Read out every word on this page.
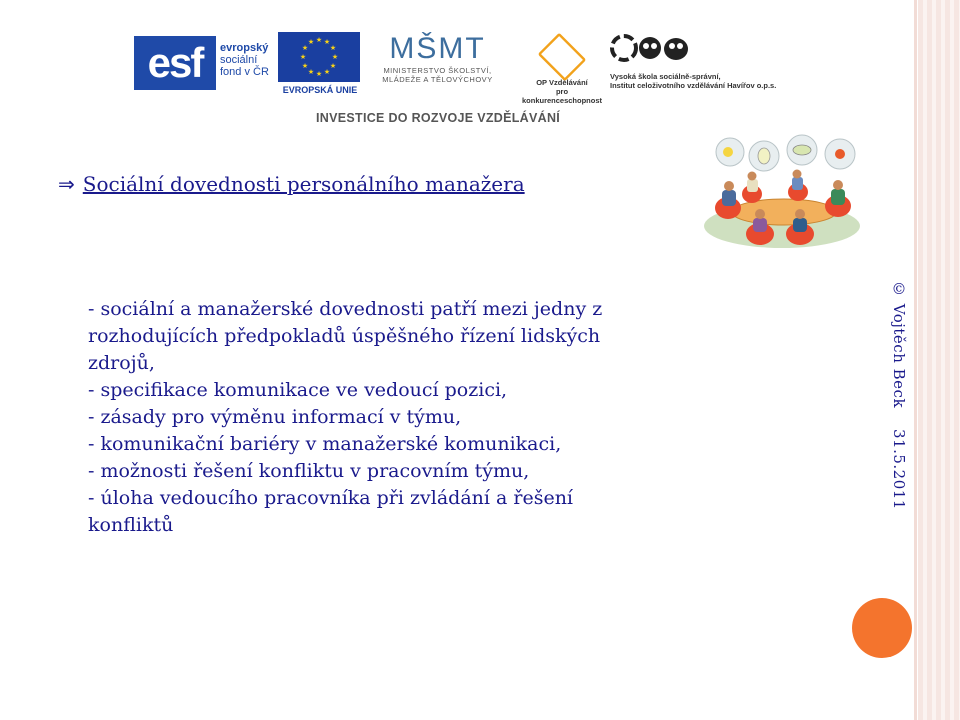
esf	evropský
sociální
fond v ČR
★ ★
★
★
★
★
★
★
★
★
★
★
EVROPSKÁ UNIE
MŠMT
MINISTERSTVO ŠKOLSTVÍ,
MLÁDEŽE A TĚLOVÝCHOVY	OP Vzdělávání
pro konkurenceschopnost
Vysoká škola sociálně-správní,
Institut celoživotního vzdělávání Havířov o.p.s.
INVESTICE DO ROZVOJE VZDĚLÁVÁNÍ
⇒ Sociální dovednosti personálního manažera
- sociální a manažerské dovednosti patří mezi jedny z
rozhodujících předpokladů úspěšného řízení lidských
zdrojů,
- specifikace komunikace ve vedoucí pozici,
- zásady pro výměnu informací v týmu,
- komunikační bariéry v manažerské komunikaci,
- možnosti řešení konfliktu v pracovním týmu,
- úloha vedoucího pracovníka při zvládání a řešení
konfliktů
© Vojtěch Beck 31.5.2011
